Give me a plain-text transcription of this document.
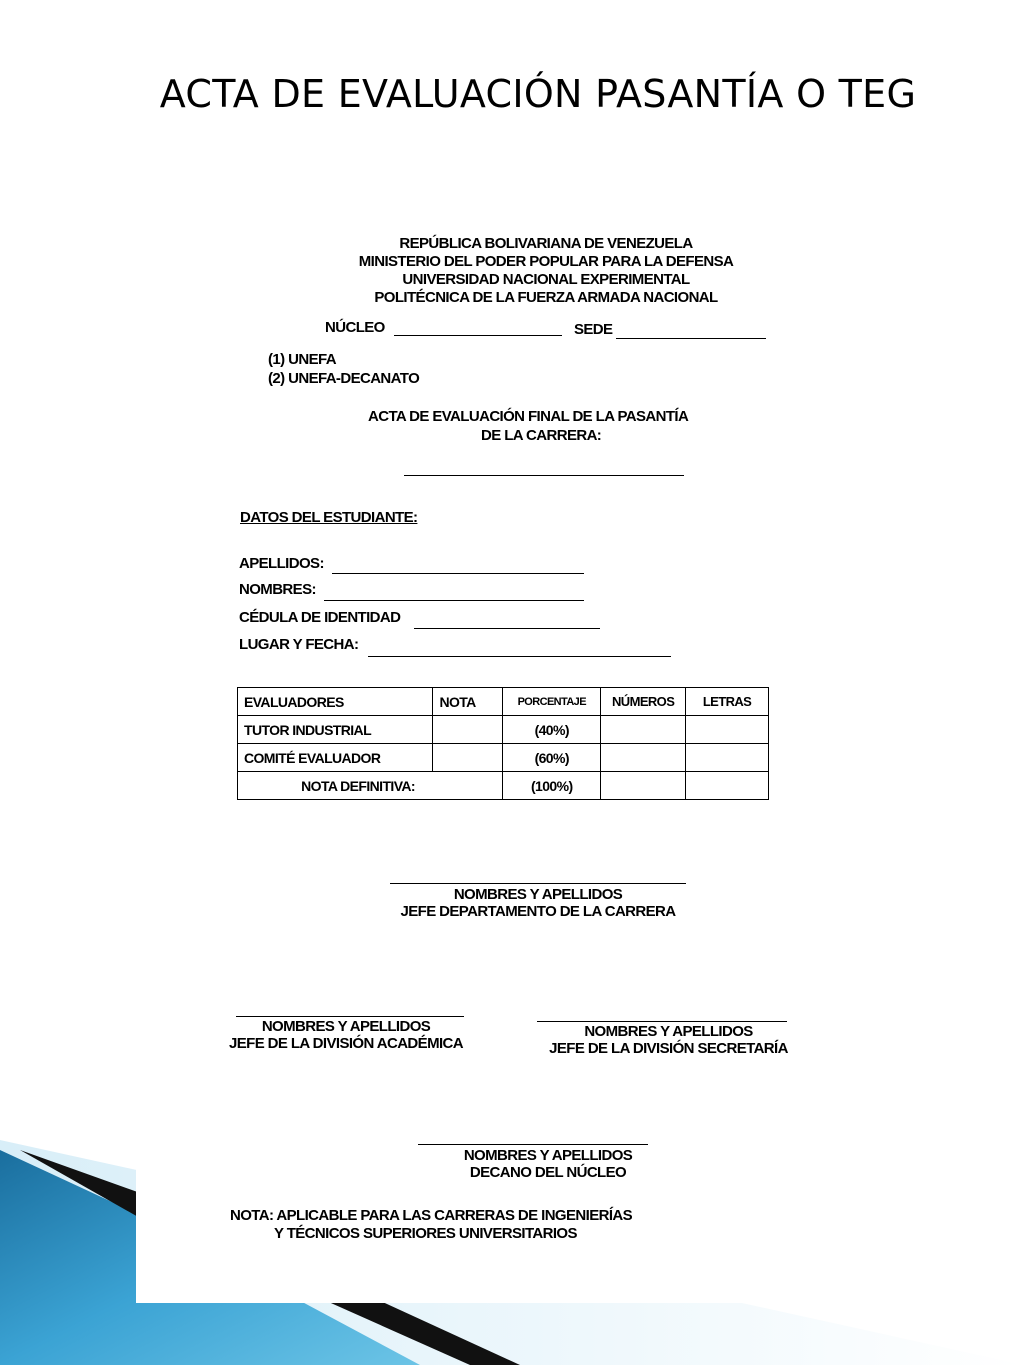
ACTA DE EVALUACIÓN PASANTÍA O TEG
REPÚBLICA BOLIVARIANA DE VENEZUELA
MINISTERIO DEL PODER POPULAR PARA LA DEFENSA
UNIVERSIDAD NACIONAL EXPERIMENTAL
POLITÉCNICA DE LA FUERZA ARMADA NACIONAL
NÚCLEO	SEDE
(1) UNEFA
(2) UNEFA-DECANATO
ACTA DE EVALUACIÓN FINAL DE LA PASANTÍA
DE LA CARRERA:
DATOS DEL ESTUDIANTE:
APELLIDOS:
NOMBRES:
CÉDULA DE IDENTIDAD
LUGAR Y FECHA:
EVALUADORES	NOTA	PORCENTAJE	NÚMEROS	LETRAS
TUTOR INDUSTRIAL		(40%)		
COMITÉ EVALUADOR		(60%)		
NOTA DEFINITIVA:		(100%)		
NOMBRES Y APELLIDOS
JEFE DEPARTAMENTO DE LA CARRERA
NOMBRES Y APELLIDOS
JEFE DE LA DIVISIÓN ACADÉMICA
NOMBRES Y APELLIDOS
JEFE DE LA DIVISIÓN SECRETARÍA
NOMBRES Y APELLIDOS
DECANO DEL NÚCLEO
NOTA: APLICABLE PARA LAS CARRERAS DE INGENIERÍAS
Y TÉCNICOS SUPERIORES UNIVERSITARIOS
